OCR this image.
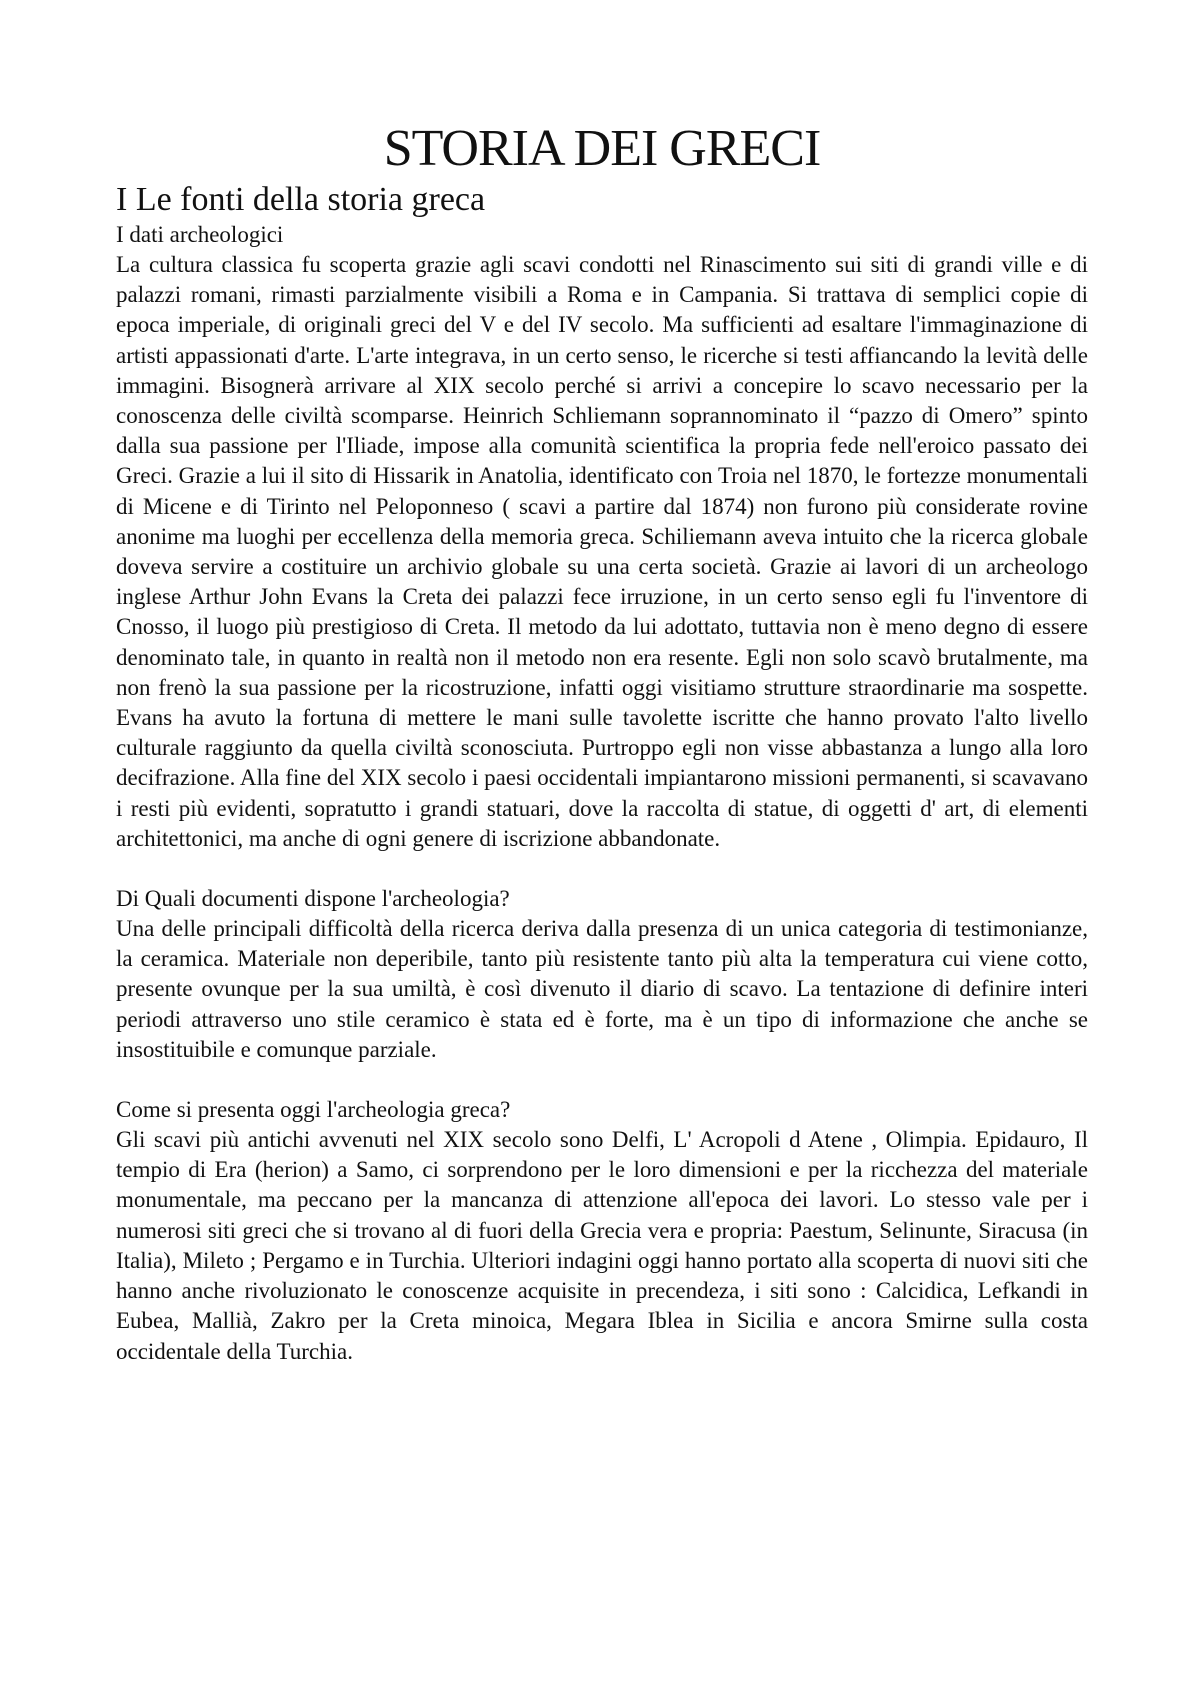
STORIA DEI GRECI
I Le fonti della storia greca
I dati archeologici

La cultura classica fu scoperta grazie agli scavi condotti nel Rinascimento sui siti di grandi ville e di palazzi romani, rimasti parzialmente visibili a Roma e in Campania. Si trattava di semplici copie di epoca imperiale, di originali greci del V e del IV secolo. Ma sufficienti ad esaltare l'immaginazione di artisti appassionati d'arte. L'arte integrava, in un certo senso, le ricerche si testi affiancando la levità delle immagini. Bisognerà arrivare al XIX secolo perché si arrivi a concepire lo scavo necessario per la conoscenza delle civiltà scomparse. Heinrich Schliemann soprannominato il “pazzo di Omero” spinto dalla sua passione per l'Iliade, impose alla comunità scientifica la propria fede nell'eroico passato dei Greci. Grazie a lui il sito di Hissarik in Anatolia, identificato con Troia nel 1870, le fortezze monumentali di Micene e di Tirinto nel Peloponneso ( scavi a partire dal 1874) non furono più considerate rovine anonime ma luoghi per eccellenza della memoria greca. Schiliemann aveva intuito che la ricerca globale doveva servire a costituire un archivio globale su una certa società. Grazie ai lavori di un archeologo inglese Arthur John Evans la Creta dei palazzi fece irruzione, in un certo senso egli fu l'inventore di Cnosso, il luogo più prestigioso di Creta. Il metodo da lui adottato, tuttavia non è meno degno di essere denominato tale, in quanto in realtà non il metodo non era resente. Egli non solo scavò brutalmente, ma non frenò la sua passione per la ricostruzione, infatti oggi visitiamo strutture straordinarie ma sospette. Evans ha avuto la fortuna di mettere le mani sulle tavolette iscritte che hanno provato l'alto livello culturale raggiunto da quella civiltà sconosciuta. Purtroppo egli non visse abbastanza a lungo alla loro decifrazione. Alla fine del XIX secolo i paesi occidentali impiantarono missioni permanenti, si scavavano i resti più evidenti, sopratutto i grandi statuari, dove la raccolta di statue, di oggetti d' art, di elementi architettonici, ma anche di ogni genere di iscrizione abbandonate.

Di Quali documenti dispone l'archeologia?

Una delle principali difficoltà della ricerca deriva dalla presenza di un unica categoria di testimonianze, la ceramica. Materiale non deperibile, tanto più resistente tanto più alta la temperatura cui viene cotto, presente ovunque per la sua umiltà, è così divenuto il diario di scavo. La tentazione di definire interi periodi attraverso uno stile ceramico è stata ed è forte, ma è un tipo di informazione che anche se insostituibile e comunque parziale.

Come si presenta oggi l'archeologia greca?

Gli scavi più antichi avvenuti nel XIX secolo sono Delfi, L' Acropoli d Atene , Olimpia. Epidauro, Il tempio di Era (herion) a Samo, ci sorprendono per le loro dimensioni e per la ricchezza del materiale monumentale, ma peccano per la mancanza di attenzione all'epoca dei lavori. Lo stesso vale per i numerosi siti greci che si trovano al di fuori della Grecia vera e propria: Paestum, Selinunte, Siracusa (in Italia), Mileto ; Pergamo e in Turchia. Ulteriori indagini oggi hanno portato alla scoperta di nuovi siti che hanno anche rivoluzionato le conoscenze acquisite in precendeza, i siti sono : Calcidica, Lefkandi in Eubea, Mallià, Zakro per la Creta minoica, Megara Iblea in Sicilia e ancora Smirne sulla costa occidentale della Turchia.
